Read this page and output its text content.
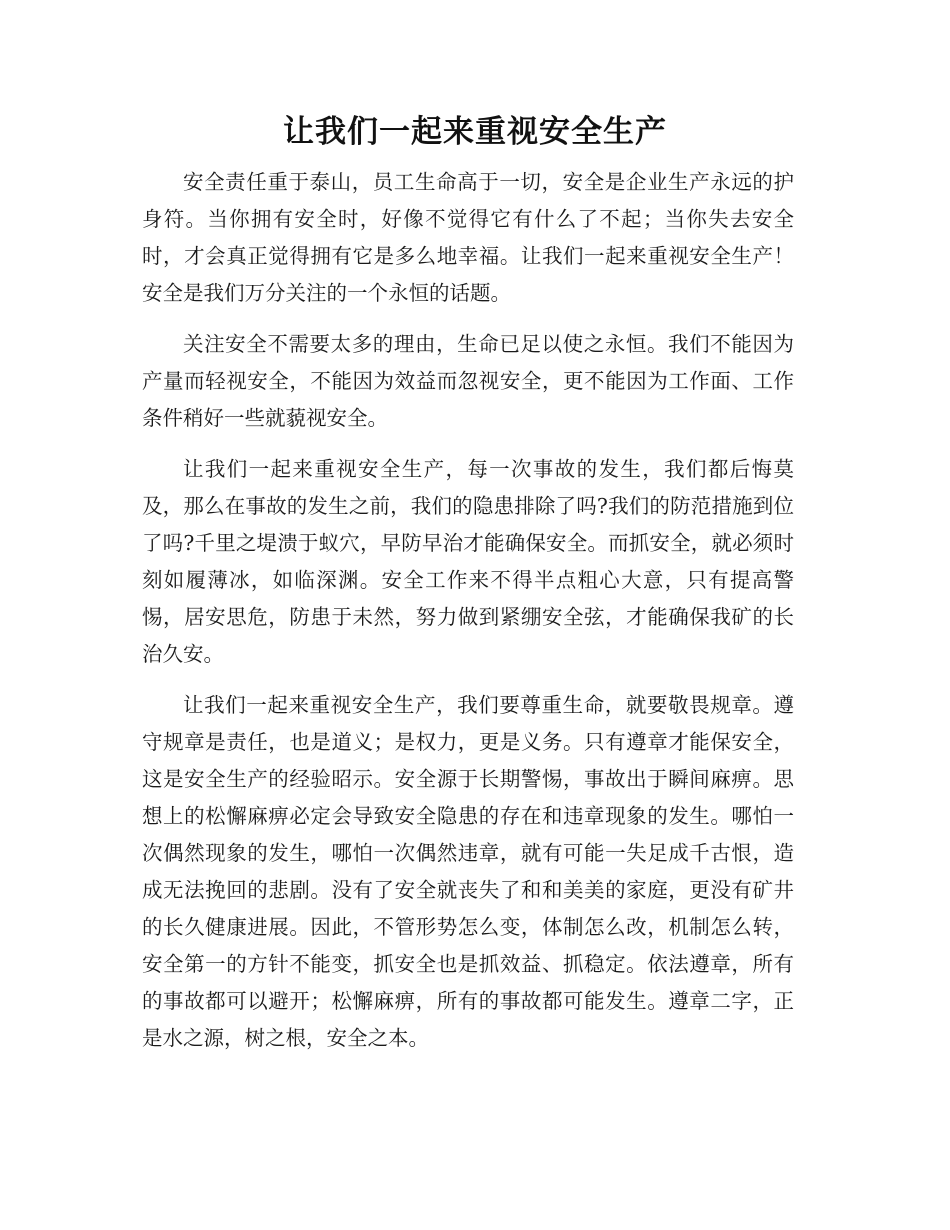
让我们一起来重视安全生产

安全责任重于泰山，员工生命高于一切，安全是企业生产永远的护身符。当你拥有安全时，好像不觉得它有什么了不起；当你失去安全时，才会真正觉得拥有它是多么地幸福。让我们一起来重视安全生产！安全是我们万分关注的一个永恒的话题。

关注安全不需要太多的理由，生命已足以使之永恒。我们不能因为产量而轻视安全，不能因为效益而忽视安全，更不能因为工作面、工作条件稍好一些就藐视安全。

让我们一起来重视安全生产，每一次事故的发生，我们都后悔莫及，那么在事故的发生之前，我们的隐患排除了吗?我们的防范措施到位了吗?千里之堤溃于蚁穴，早防早治才能确保安全。而抓安全，就必须时刻如履薄冰，如临深渊。安全工作来不得半点粗心大意，只有提高警惕，居安思危，防患于未然，努力做到紧绷安全弦，才能确保我矿的长治久安。

让我们一起来重视安全生产，我们要尊重生命，就要敬畏规章。遵守规章是责任，也是道义；是权力，更是义务。只有遵章才能保安全，这是安全生产的经验昭示。安全源于长期警惕，事故出于瞬间麻痹。思想上的松懈麻痹必定会导致安全隐患的存在和违章现象的发生。哪怕一次偶然现象的发生，哪怕一次偶然违章，就有可能一失足成千古恨，造成无法挽回的悲剧。没有了安全就丧失了和和美美的家庭，更没有矿井的长久健康进展。因此，不管形势怎么变，体制怎么改，机制怎么转，安全第一的方针不能变，抓安全也是抓效益、抓稳定。依法遵章，所有的事故都可以避开；松懈麻痹，所有的事故都可能发生。遵章二字，正是水之源，树之根，安全之本。
